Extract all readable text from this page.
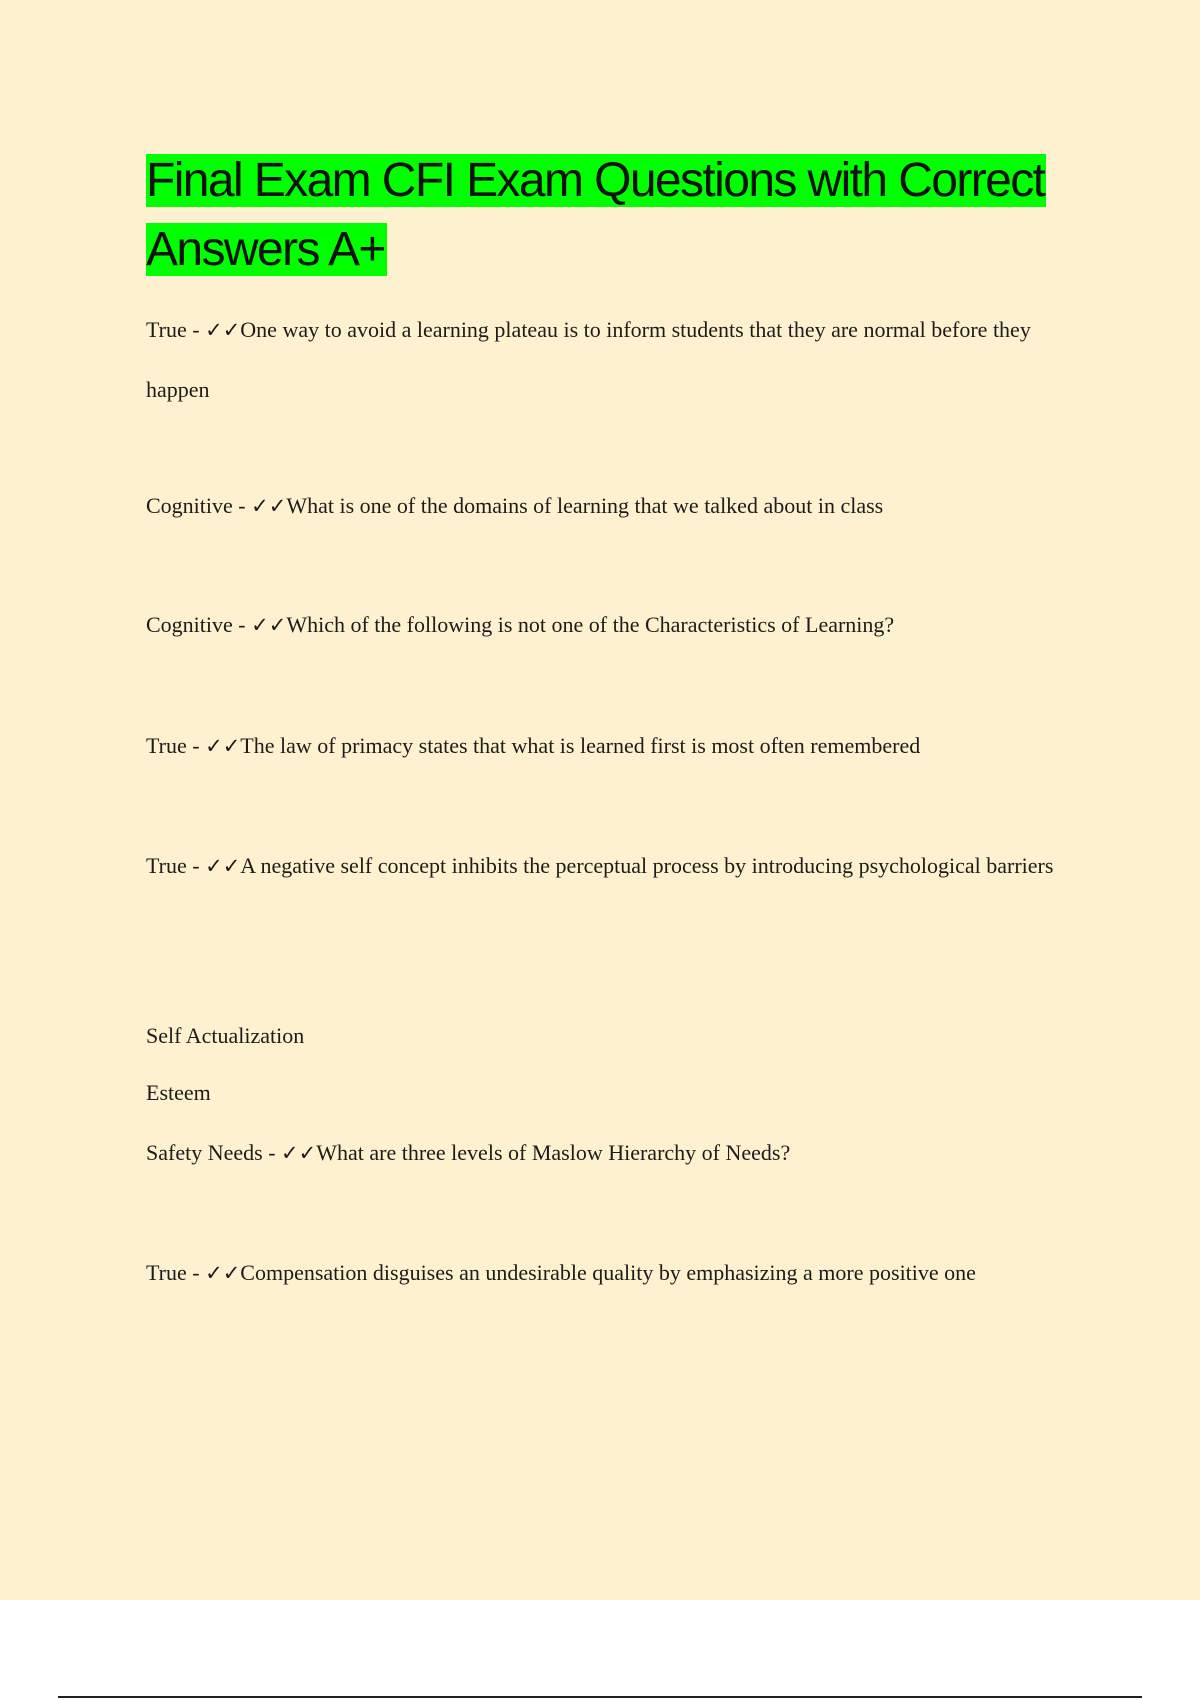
Final Exam CFI Exam Questions with Correct Answers A+

True - ✓✓One way to avoid a learning plateau is to inform students that they are normal before they happen

Cognitive - ✓✓What is one of the domains of learning that we talked about in class

Cognitive - ✓✓Which of the following is not one of the Characteristics of Learning?

True - ✓✓The law of primacy states that what is learned first is most often remembered

True - ✓✓A negative self concept inhibits the perceptual process by introducing psychological barriers

Self Actualization

Esteem

Safety Needs - ✓✓What are three levels of Maslow Hierarchy of Needs?

True - ✓✓Compensation disguises an undesirable quality by emphasizing a more positive one
